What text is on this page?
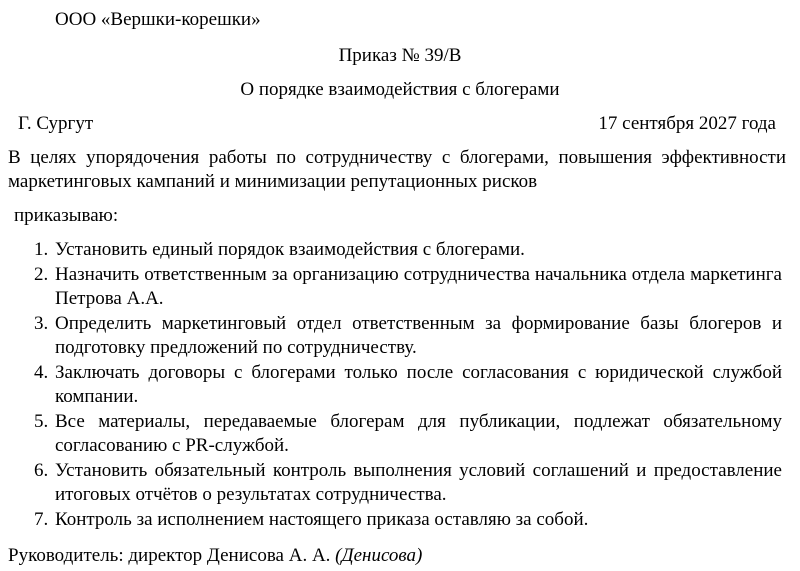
ООО «Вершки-корешки»
Приказ № 39/В
О порядке взаимодействия с блогерами
Г. Сургут	17 сентября 2027 года
В целях упорядочения работы по сотрудничеству с блогерами, повышения эффективности маркетинговых кампаний и минимизации репутационных рисков
приказываю:
1. Установить единый порядок взаимодействия с блогерами.
2. Назначить ответственным за организацию сотрудничества начальника отдела маркетинга Петрова А.А.
3. Определить маркетинговый отдел ответственным за формирование базы блогеров и подготовку предложений по сотрудничеству.
4. Заключать договоры с блогерами только после согласования с юридической службой компании.
5. Все материалы, передаваемые блогерам для публикации, подлежат обязательному согласованию с PR-службой.
6. Установить обязательный контроль выполнения условий соглашений и предоставление итоговых отчётов о результатах сотрудничества.
7. Контроль за исполнением настоящего приказа оставляю за собой.
Руководитель: директор Денисова А. А. (Денисова)
